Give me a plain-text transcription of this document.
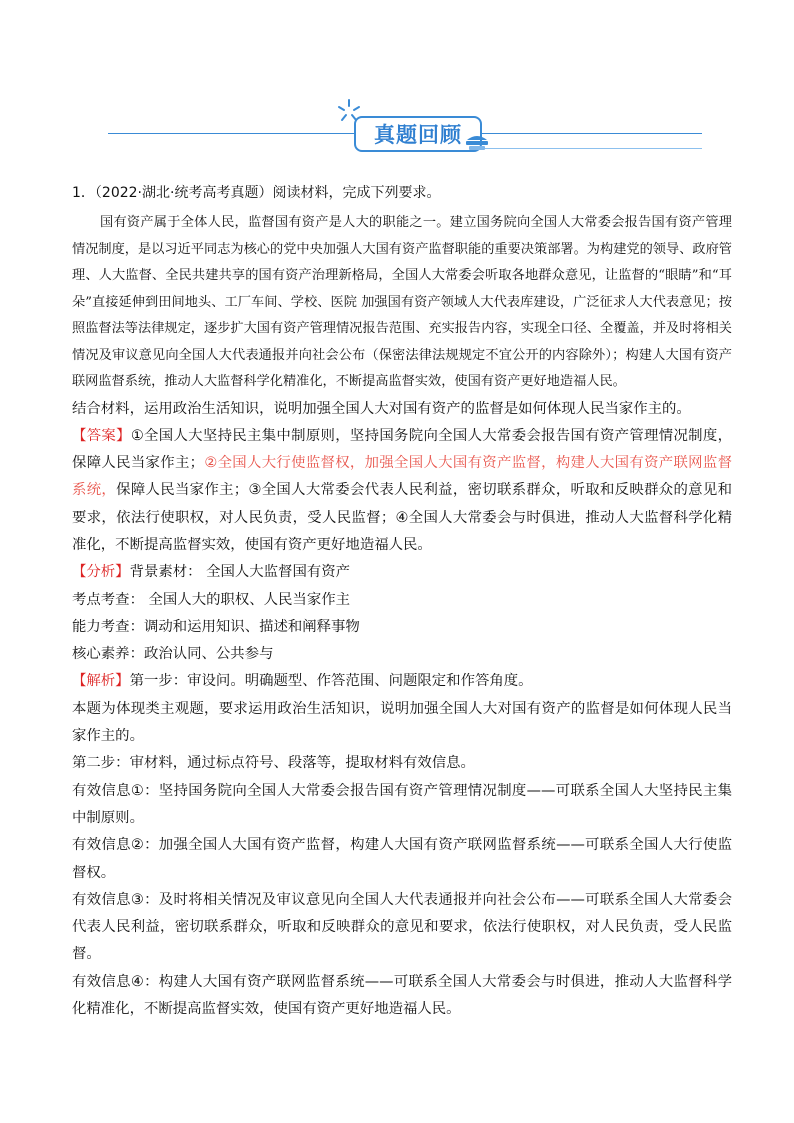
真题回顾
1．（2022·湖北·统考高考真题）阅读材料，完成下列要求。

国有资产属于全体人民，监督国有资产是人大的职能之一。建立国务院向全国人大常委会报告国有资产管理情况制度，是以习近平同志为核心的党中央加强人大国有资产监督职能的重要决策部署。为构建党的领导、政府管理、人大监督、全民共建共享的国有资产治理新格局，全国人大常委会听取各地群众意见，让监督的“眼睛”和“耳朵”直接延伸到田间地头、工厂车间、学校、医院 加强国有资产领域人大代表库建设，广泛征求人大代表意见；按照监督法等法律规定，逐步扩大国有资产管理情况报告范围、充实报告内容，实现全口径、全覆盖，并及时将相关情况及审议意见向全国人大代表通报并向社会公布（保密法律法规规定不宜公开的内容除外）；构建人大国有资产联网监督系统，推动人大监督科学化精准化，不断提高监督实效，使国有资产更好地造福人民。

结合材料，运用政治生活知识，说明加强全国人大对国有资产的监督是如何体现人民当家作主的。

【答案】①全国人大坚持民主集中制原则，坚持国务院向全国人大常委会报告国有资产管理情况制度，保障人民当家作主；②全国人大行使监督权，加强全国人大国有资产监督，构建人大国有资产联网监督系统，保障人民当家作主；③全国人大常委会代表人民利益，密切联系群众，听取和反映群众的意见和要求，依法行使职权，对人民负责，受人民监督；④全国人大常委会与时俱进，推动人大监督科学化精准化，不断提高监督实效，使国有资产更好地造福人民。

【分析】背景素材： 全国人大监督国有资产

考点考查： 全国人大的职权、人民当家作主

能力考查：调动和运用知识、描述和阐释事物

核心素养：政治认同、公共参与

【解析】第一步：审设问。明确题型、作答范围、问题限定和作答角度。

本题为体现类主观题，要求运用政治生活知识，说明加强全国人大对国有资产的监督是如何体现人民当家作主的。

第二步：审材料，通过标点符号、段落等，提取材料有效信息。

有效信息①：坚持国务院向全国人大常委会报告国有资产管理情况制度——可联系全国人大坚持民主集中制原则。

有效信息②：加强全国人大国有资产监督，构建人大国有资产联网监督系统——可联系全国人大行使监督权。

有效信息③：及时将相关情况及审议意见向全国人大代表通报并向社会公布——可联系全国人大常委会代表人民利益，密切联系群众，听取和反映群众的意见和要求，依法行使职权，对人民负责，受人民监督。

有效信息④：构建人大国有资产联网监督系统——可联系全国人大常委会与时俱进，推动人大监督科学化精准化，不断提高监督实效，使国有资产更好地造福人民。
